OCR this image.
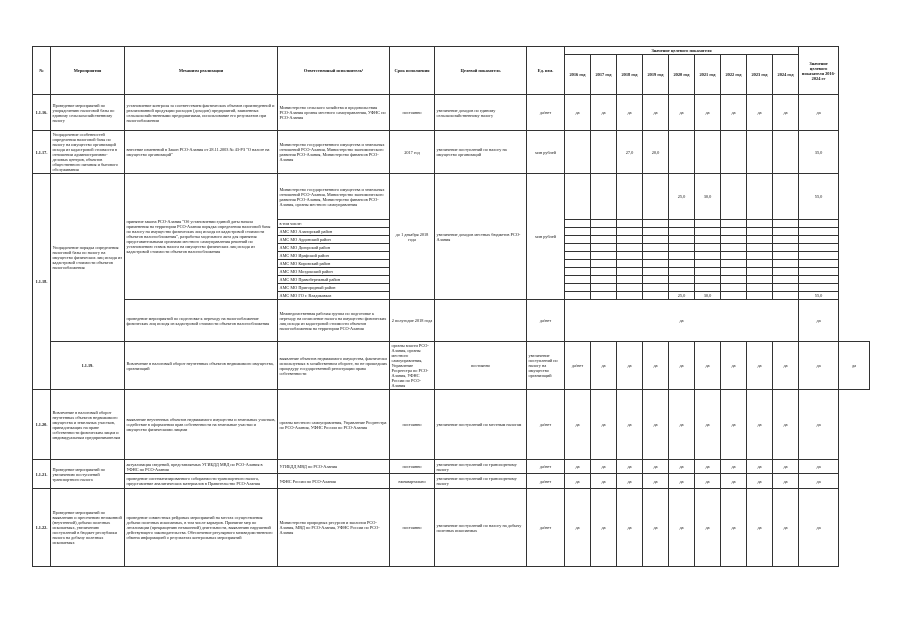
№	Мероприятия	Механизм реализации	Ответственный исполнитель¹	Срок исполнения	Целевой показатель	Ед. изм.	Значение целевого показателя									Значение целевого показателя 2016-2024 гг	
							2016 год	2017 год	2018 год	2019 год	2020 год	2021 год	2022 год	2023 год	2024 год		
1.1.16.	Проведение мероприятий по упорядочению налоговой базы по единому сельскохозяйственному налогу	установление контроля за соответствием фактических объемов произведенной и реализованной продукции расходов (доходов) предприятий, заявленных сельскохозяйственными предприятиями, использование его результатов при налогообложении	Министерство сельского хозяйства и продовольствия РСО-Алания органы местного самоуправления, УФНС по РСО-Алания	постоянно	увеличение доходов по единому сельскохозяйственному налогу	да/нет	да	да	да	да	да	да	да	да	да	да	
1.1.17.	Упорядочение особенностей определения налоговой базы по налогу на имущество организаций исходя из кадастровой стоимости в отношении административно-деловых центров, объектов общественного питания и бытового обслуживания	внесение изменений в Закон РСО-Алания от 28.11.2003 № 43-РЗ "О налоге на имущество организаций"	Министерство государственного имущества и земельных отношений РСО-Алания, Министерство экономического развития РСО-Алания, Министерство финансов РСО-Алания	2017 год	увеличение поступлений по налогу на имущество организаций	млн рублей			27,0	20,0						35,0	
1.1.18.	Упорядочение порядка определения налоговой базы по налогу на имущество физических лиц исходя из кадастровой стоимости объектов налогообложения	принятие закона РСО-Алания "Об установлении единой даты начала применения на территории РСО-Алания порядка определения налоговой базы по налогу на имущество физических лиц исходя из кадастровой стоимости объектов налогообложения", разработка модельного акта для принятия представительными органами местного самоуправления решений по установлению ставок налога на имущество физических лиц исходя из кадастровой стоимости объектов налогообложения	Министерство государственного имущества и земельных отношений РСО-Алания, Министерство экономического развития РСО-Алания, Министерство финансов РСО-Алания, органы местного самоуправления	до 1 декабря 2018 года	увеличение доходов местных бюджетов РСО-Алания	млн рублей					25,0	30,0				55,0	
			в том числе:														
			АМС МО Алагирский район														
			АМС МО Ардонский район														
			АМС МО Дигорский район														
			АМС МО Ирафский район														
			АМС МО Кировский район														
			АМС МО Моздокский район														
			АМС МО Правобережный район														
			АМС МО Пригородный район														
			АМС МО ГО г. Владикавказ								25,0	30,0				55,0	
		проведение мероприятий по подготовке к переходу на налогообложение физических лиц исходя из кадастровой стоимости объектов налогообложения	Межведомственная рабочая группа по подготовке к переходу на исчисление налога на имущество физических лиц исходя из кадастровой стоимости объектов налогообложения на территории РСО-Алания	2 полугодие 2018 года		да/нет	да									да	
	1.1.19.	Вовлечение в налоговый оборот неучтенных объектов недвижимого имущества, организаций	выявление объектов недвижимого имущества, фактически используемых в хозяйственном обороте, но не прошедших процедуру государственной регистрации права собственности	органы власти РСО-Алания, органы местного самоуправления, Управление Росреестра по РСО-Алания, УФНС России по РСО-Алания	постоянно	увеличение поступлений по налогу на имущество организаций	да/нет	да	да	да	да	да	да	да	да	да	да
1.1.20.	Вовлечение в налоговый оборот неучтенных объектов недвижимого имущества и земельных участков, принадлежащих на праве собственности физическим лицам и индивидуальным предпринимателям	выявление неучтенных объектов недвижимого имущества и земельных участков, содействие в оформлении прав собственности на земельные участки и имущество физическими лицами	органы местного самоуправления, Управление Росреестра по РСО-Алания, УФНС России по РСО-Алания	постоянно	увеличение поступлений по местным налогам	да/нет	да	да	да	да	да	да	да	да	да	да	
1.1.21.	Проведение мероприятий по увеличению поступлений транспортного налога	актуализация сведений, представляемых УГИБДД МВД по РСО-Алания в УФНС по РСО-Алания	УГИБДД МВД по РСО-Алания	постоянно	увеличение поступлений по транспортному налогу	да/нет	да	да	да	да	да	да	да	да	да	да	
		проведение систематизированного собираемости транспортного налога, представление аналитических материалов в Правительство РСО-Алания	УФНС России по РСО-Алания	ежеквартально	увеличение поступлений по транспортному налогу	да/нет	да	да	да	да	да	да	да	да	да	да	
1.1.22.	Проведение мероприятий по выявлению и пресечению незаконной (неучтенной) добычи полезных ископаемых, увеличению поступлений в бюджет республики налога на добычу полезных ископаемых	проведение совместных рейдовых мероприятий на местах осуществления добычи полезных ископаемых, в том числе карьеров. Принятие мер по легализации (прекращению незаконной) деятельности, выявлению нарушений действующего законодательства. Обеспечение регулярного межведомственного обмена информацией о результатах контрольных мероприятий	Министерство природных ресурсов и экологии РСО-Алания, МВД по РСО-Алания, УФНС России по РСО-Алания	постоянно	увеличение поступлений по налогу на добычу полезных ископаемых	да/нет	да	да	да	да	да	да	да	да	да	да	
